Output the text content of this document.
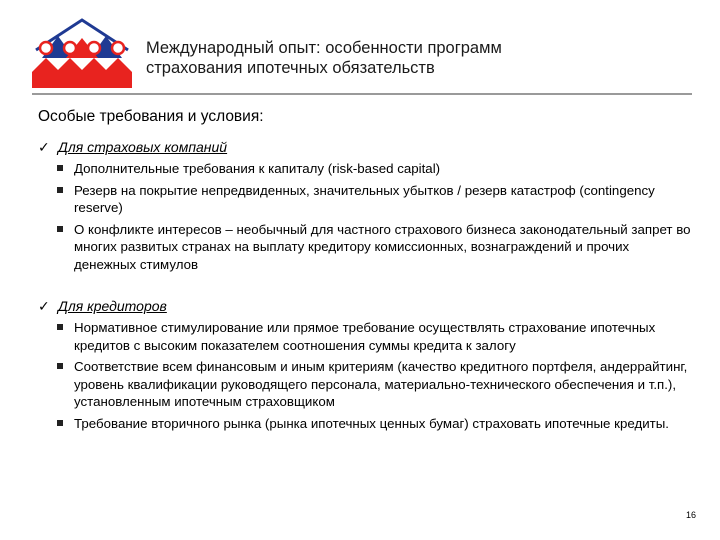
Международный опыт: особенности программ
страхования ипотечных обязательств
Особые требования и условия:
✓ Для страховых компаний
Дополнительные требования к капиталу (risk-based capital)
Резерв на покрытие непредвиденных, значительных убытков / резерв катастроф (contingency reserve)
О конфликте интересов – необычный для частного страхового бизнеса законодательный запрет во многих развитых странах на выплату кредитору комиссионных, вознаграждений и прочих денежных стимулов
✓ Для кредиторов
Нормативное стимулирование или прямое требование осуществлять страхование ипотечных кредитов с высоким показателем соотношения суммы кредита к залогу
Соответствие всем финансовым и иным критериям (качество кредитного портфеля, андеррайтинг, уровень квалификации руководящего персонала, материально-технического обеспечения и т.п.), установленным ипотечным страховщиком
Требование вторичного рынка (рынка ипотечных ценных бумаг) страховать ипотечные кредиты.
16
